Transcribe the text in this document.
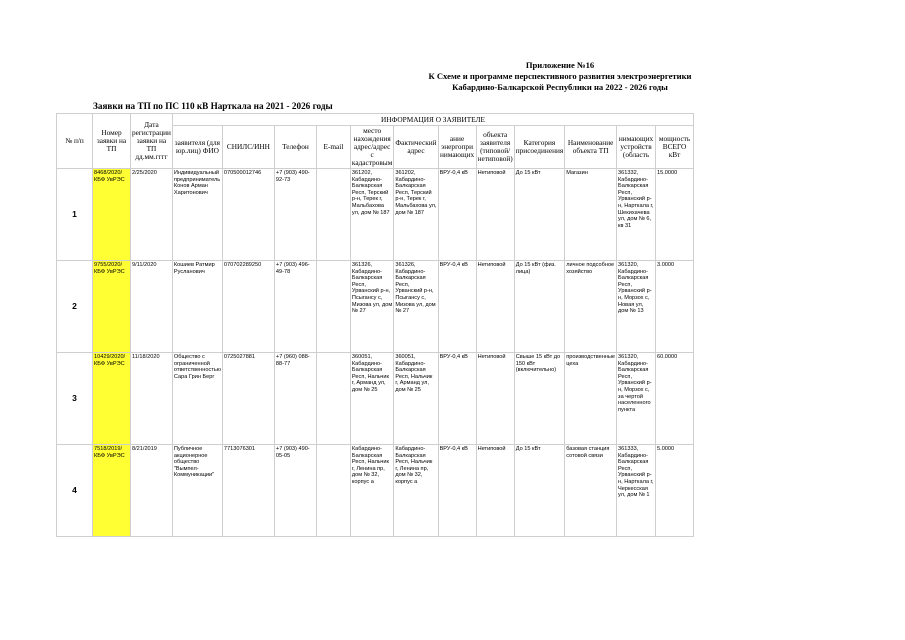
Приложение №16
К Схеме и программе перспективного развития электроэнергетики
Кабардино-Балкарской Республики на 2022 - 2026 годы
Заявки на ТП по ПС 110 кВ Нарткала на 2021 - 2026 годы
№ п/п	Номер заявки на ТП	Дата регистрации заявки на ТП дд.мм.гггг	ИНФОРМАЦИЯ О ЗАЯВИТЕЛЕ											
			заявителя (для юр.лиц) ФИО	СНИЛС/ИНН	Телефон	E-mail	место нахождения адрес/адрес с кадастровым	Фактический адрес	ание энергопри нимающих	объекта заявителя (типовой/ нетиповой)	Категория присоединения	Наименование объекта ТП	нимающих устройств (область	мощность ВСЕГО кВт
1	8468/2020/ КБФ УвРЭС	2/25/2020	Индивидуальный предприниматель Конов Арман Харитонович	070500012746	+7 (903) 490-92-73		361202, Кабардино-Балкарская Респ, Терский р-н, Терек г, Мальбахова ул, дом № 187	361202, Кабардино-Балкарская Респ, Терский р-н, Терек г, Мальбахова ул, дом № 187	ВРУ-0,4 кВ	Нетиповой	До 15 кВт	Магазин	361332, Кабардино-Балкарская Респ, Урванский р-н, Нарткала г, Шекихачева ул, дом № 6, кв 31	15.0000
2	9755/2020/ КБФ УвРЭС	9/11/2020	Кошиев Ратмир Русланович	070702289250	+7 (903) 496-49-78		361326, Кабардино-Балкарская Респ, Урванский р-н, Псыгансу с, Мизова ул, дом № 27	361326, Кабардино-Балкарская Респ, Урванский р-н, Псыгансу с, Мизова ул, дом № 27	ВРУ-0,4 кВ	Нетиповой	До 15 кВт (физ. лица)	личное подсобное хозяйство	361320, Кабардино-Балкарская Респ, Урванский р-н, Морзох с, Новая ул, дом № 13	3.0000
3	10429/2020/ КБФ УвРЭС	11/18/2020	Общество с ограниченной ответственностью Сара Грин Берг	0725027881	+7 (960) 088-88-77		360051, Кабардино-Балкарская Респ, Нальчик г, Арманд ул, дом № 25	360051, Кабардино-Балкарская Респ, Нальчик г, Арманд ул, дом № 25	ВРУ-0,4 кВ	Нетиповой	Свыше 15 кВт до 150 кВт (включительно)	производственные цеха	361320, Кабардино-Балкарская Респ, Урванский р-н, Морзох с, за чертой населенного пункта	60.0000
4	7518/2019/ КБФ УвРЭС	8/21/2019	Публичное акционерное общество "Вымпел-Коммуникации"	7713076301	+7 (903) 490-05-05		Кабардино-Балкарская Респ, Нальчик г, Ленина пр, дом № 32, корпус а	Кабардино-Балкарская Респ, Нальчик г, Ленина пр, дом № 32, корпус а	ВРУ-0,4 кВ	Нетиповой	До 15 кВт	базовая станция сотовой связи	361333, Кабардино-Балкарская Респ, Урванский р-н, Нарткала г, Черкесская ул, дом № 1	5.0000
